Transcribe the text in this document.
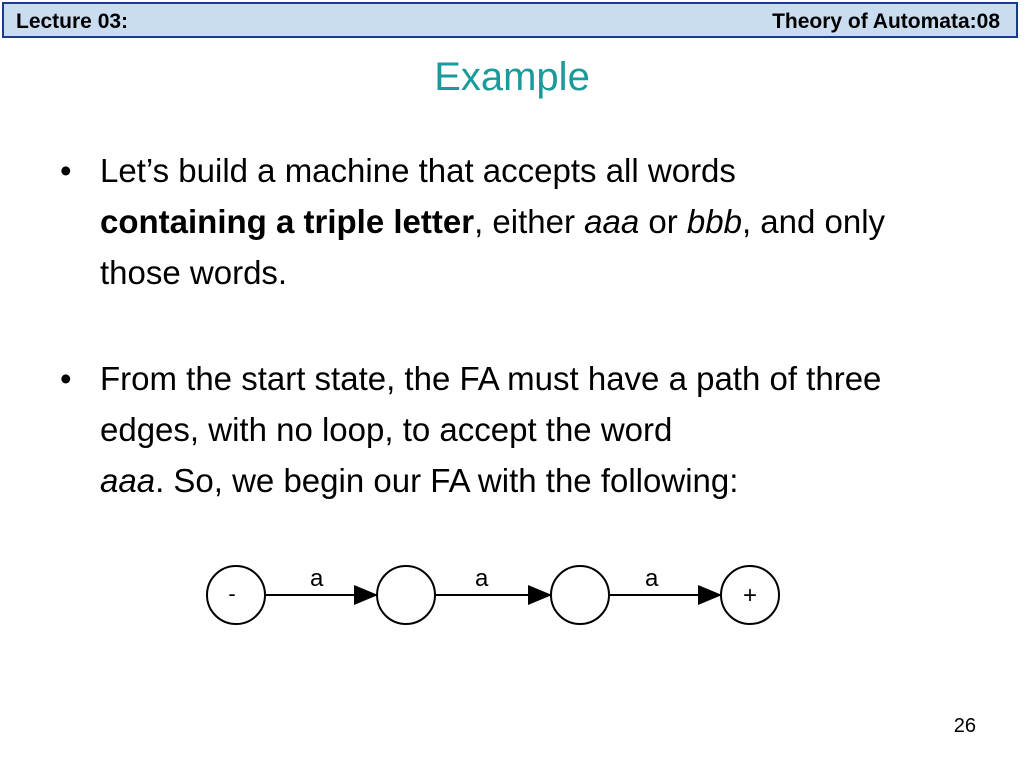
Lecture 03:	Theory of Automata:08
Example
• Let’s build a machine that accepts all words
containing a triple letter, either aaa or bbb, and only those words.
• From the start state, the FA must have a path of three edges, with no loop, to accept the word
aaa. So, we begin our FA with the following:
a	a	a
-	+
26
